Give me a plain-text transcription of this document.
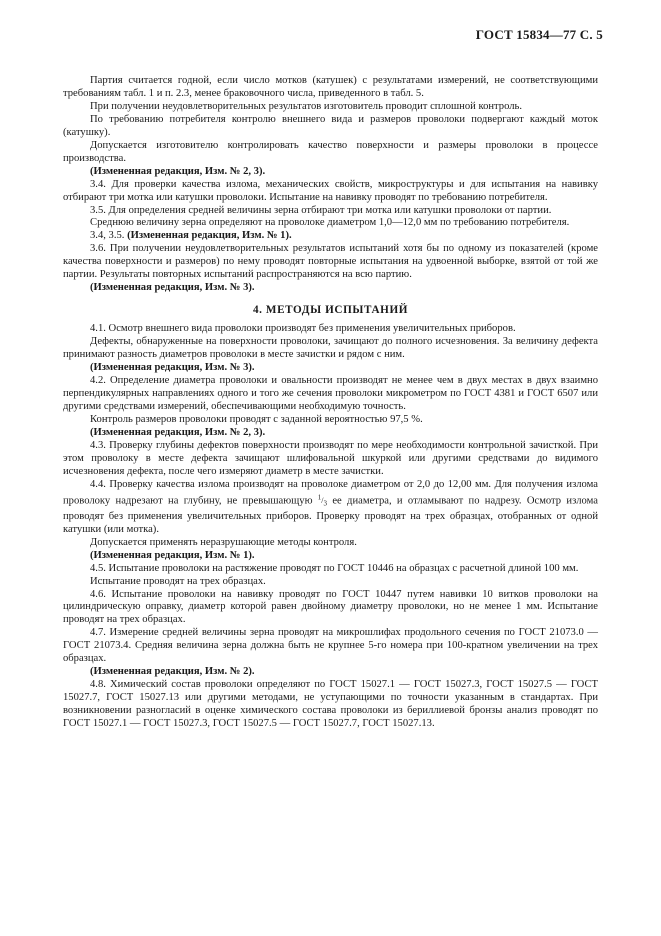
ГОСТ 15834—77 С. 5

Партия считается годной, если число мотков (катушек) с результатами измерений, не соответствующими требованиям табл. 1 и п. 2.3, менее браковочного числа, приведенного в табл. 5.

При получении неудовлетворительных результатов изготовитель проводит сплошной контроль.

По требованию потребителя контролю внешнего вида и размеров проволоки подвергают каждый моток (катушку).

Допускается изготовителю контролировать качество поверхности и размеры проволоки в процессе производства.

(Измененная редакция, Изм. № 2, 3).

3.4. Для проверки качества излома, механических свойств, микроструктуры и для испытания на навивку отбирают три мотка или катушки проволоки. Испытание на навивку проводят по требованию потребителя.

3.5. Для определения средней величины зерна отбирают три мотка или катушки проволоки от партии.

Среднюю величину зерна определяют на проволоке диаметром 1,0—12,0 мм по требованию потребителя.

3.4, 3.5. (Измененная редакция, Изм. № 1).

3.6. При получении неудовлетворительных результатов испытаний хотя бы по одному из показателей (кроме качества поверхности и размеров) по нему проводят повторные испытания на удвоенной выборке, взятой от той же партии. Результаты повторных испытаний распространяются на всю партию.

(Измененная редакция, Изм. № 3).

4. МЕТОДЫ ИСПЫТАНИЙ

4.1. Осмотр внешнего вида проволоки производят без применения увеличительных приборов.

Дефекты, обнаруженные на поверхности проволоки, зачищают до полного исчезновения. За величину дефекта принимают разность диаметров проволоки в месте зачистки и рядом с ним.

(Измененная редакция, Изм. № 3).

4.2. Определение диаметра проволоки и овальности производят не менее чем в двух местах в двух взаимно перпендикулярных направлениях одного и того же сечения проволоки микрометром по ГОСТ 4381 и ГОСТ 6507 или другими средствами измерений, обеспечивающими необходимую точность.

Контроль размеров проволоки проводят с заданной вероятностью 97,5 %.

(Измененная редакция, Изм. № 2, 3).

4.3. Проверку глубины дефектов поверхности производят по мере необходимости контрольной зачисткой. При этом проволоку в месте дефекта зачищают шлифовальной шкуркой или другими средствами до видимого исчезновения дефекта, после чего измеряют диаметр в месте зачистки.

4.4. Проверку качества излома производят на проволоке диаметром от 2,0 до 12,00 мм. Для получения излома проволоку надрезают на глубину, не превышающую $^1/_3$ ее диаметра, и отламывают по надрезу. Осмотр излома проводят без применения увеличительных приборов. Проверку проводят на трех образцах, отобранных от одной катушки (или мотка).

Допускается применять неразрушающие методы контроля.

(Измененная редакция, Изм. № 1).

4.5. Испытание проволоки на растяжение проводят по ГОСТ 10446 на образцах с расчетной длиной 100 мм.

Испытание проводят на трех образцах.

4.6. Испытание проволоки на навивку проводят по ГОСТ 10447 путем навивки 10 витков проволоки на цилиндрическую оправку, диаметр которой равен двойному диаметру проволоки, но не менее 1 мм. Испытание проводят на трех образцах.

4.7. Измерение средней величины зерна проводят на микрошлифах продольного сечения по ГОСТ 21073.0 — ГОСТ 21073.4. Средняя величина зерна должна быть не крупнее 5-го номера при 100-кратном увеличении на трех образцах.

(Измененная редакция, Изм. № 2).

4.8. Химический состав проволоки определяют по ГОСТ 15027.1 — ГОСТ 15027.3, ГОСТ 15027.5 — ГОСТ 15027.7, ГОСТ 15027.13 или другими методами, не уступающими по точности указанным в стандартах. При возникновении разногласий в оценке химического состава проволоки из бериллиевой бронзы анализ проводят по ГОСТ 15027.1 — ГОСТ 15027.3, ГОСТ 15027.5 — ГОСТ 15027.7, ГОСТ 15027.13.
